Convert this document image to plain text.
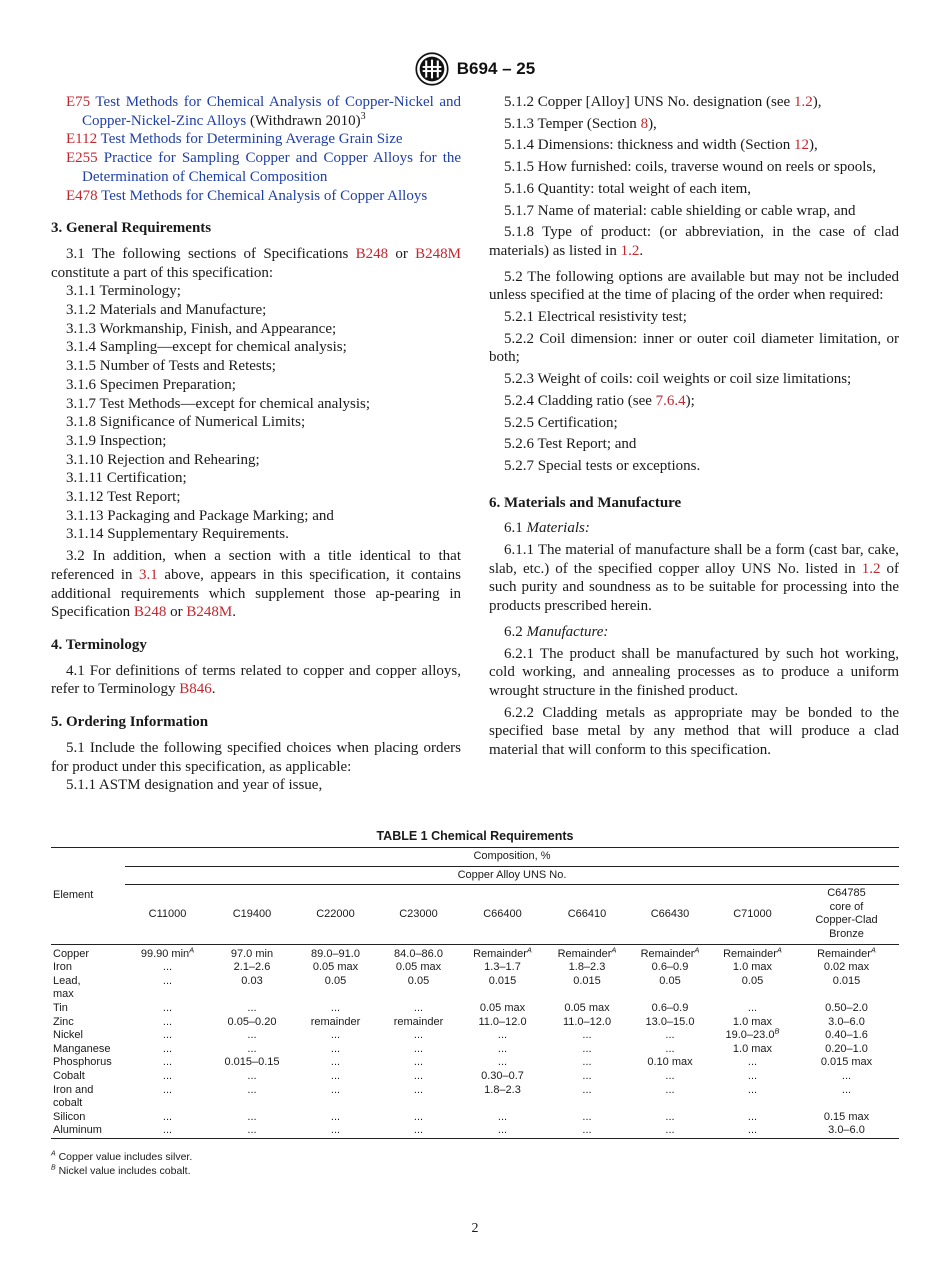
B694 – 25
E75 Test Methods for Chemical Analysis of Copper-Nickel and Copper-Nickel-Zinc Alloys (Withdrawn 2010)$^3$
E112 Test Methods for Determining Average Grain Size
E255 Practice for Sampling Copper and Copper Alloys for the Determination of Chemical Composition
E478 Test Methods for Chemical Analysis of Copper Alloys
3. General Requirements
3.1 The following sections of Specifications B248 or B248M constitute a part of this specification:
3.1.1 Terminology;
3.1.2 Materials and Manufacture;
3.1.3 Workmanship, Finish, and Appearance;
3.1.4 Sampling—except for chemical analysis;
3.1.5 Number of Tests and Retests;
3.1.6 Specimen Preparation;
3.1.7 Test Methods—except for chemical analysis;
3.1.8 Significance of Numerical Limits;
3.1.9 Inspection;
3.1.10 Rejection and Rehearing;
3.1.11 Certification;
3.1.12 Test Report;
3.1.13 Packaging and Package Marking; and
3.1.14 Supplementary Requirements.
3.2 In addition, when a section with a title identical to that referenced in 3.1 above, appears in this specification, it contains additional requirements which supplement those ap-pearing in Specification B248 or B248M.
4. Terminology
4.1 For definitions of terms related to copper and copper alloys, refer to Terminology B846.
5. Ordering Information
5.1 Include the following specified choices when placing orders for product under this specification, as applicable:
5.1.1 ASTM designation and year of issue,
5.1.2 Copper [Alloy] UNS No. designation (see 1.2),
5.1.3 Temper (Section 8),
5.1.4 Dimensions: thickness and width (Section 12),
5.1.5 How furnished: coils, traverse wound on reels or spools,
5.1.6 Quantity: total weight of each item,
5.1.7 Name of material: cable shielding or cable wrap, and
5.1.8 Type of product: (or abbreviation, in the case of clad materials) as listed in 1.2.
5.2 The following options are available but may not be included unless specified at the time of placing of the order when required:
5.2.1 Electrical resistivity test;
5.2.2 Coil dimension: inner or outer coil diameter limitation, or both;
5.2.3 Weight of coils: coil weights or coil size limitations;
5.2.4 Cladding ratio (see 7.6.4);
5.2.5 Certification;
5.2.6 Test Report; and
5.2.7 Special tests or exceptions.
6. Materials and Manufacture
6.1 Materials:
6.1.1 The material of manufacture shall be a form (cast bar, cake, slab, etc.) of the specified copper alloy UNS No. listed in 1.2 of such purity and soundness as to be suitable for processing into the products prescribed herein.
6.2 Manufacture:
6.2.1 The product shall be manufactured by such hot working, cold working, and annealing processes as to produce a uniform wrought structure in the finished product.
6.2.2 Cladding metals as appropriate may be bonded to the specified base metal by any method that will produce a clad material that will conform to this specification.
TABLE 1 Chemical Requirements
Element	Composition, %								
	Copper Alloy UNS No.								
	C11000	C19400	C22000	C23000	C66400	C66410	C66430	C71000	C64785
core of
Copper-Clad
Bronze

Copper	99.90 $\min^A$	97.0 min	89.0–91.0	84.0–86.0	Remainder$^A$	Remainder$^A$	Remainder$^A$	Remainder$^A$	Remainder$^A$

Iron	...	2.1–2.6	0.05 max	0.05 max	1.3–1.7	1.8–2.3	0.6–0.9	1.0 max	0.02 max

Lead,
max	...	0.03	0.05	0.05	0.015	0.015	0.05	0.05	0.015

Tin	...	...	...	...	0.05 max	0.05 max	0.6–0.9	...	0.50–2.0

Zinc	...	0.05–0.20	remainder	remainder	11.0–12.0	11.0–12.0	13.0–15.0	1.0 max	3.0–6.0

Nickel	...	...	...	...	...	...	...	$19.0-23.0^B$	0.40–1.6

Manganese	...	...	...	...	...	...	...	1.0 max	0.20–1.0

Phosphorus	...	0.015–0.15	...	...	...	...	0.10 max	...	0.015 max

Cobalt	...	...	...	...	0.30–0.7	...	...	...	...

Iron and
cobalt	...	...	...	...	1.8–2.3	...	...	...	...

Silicon	...	...	...	...	...	...	...	...	0.15 max

Aluminum	...	...	...	...	...	...	...	...	3.0–6.0
$^A$ Copper value includes silver.
$^B$ Nickel value includes cobalt.
2
